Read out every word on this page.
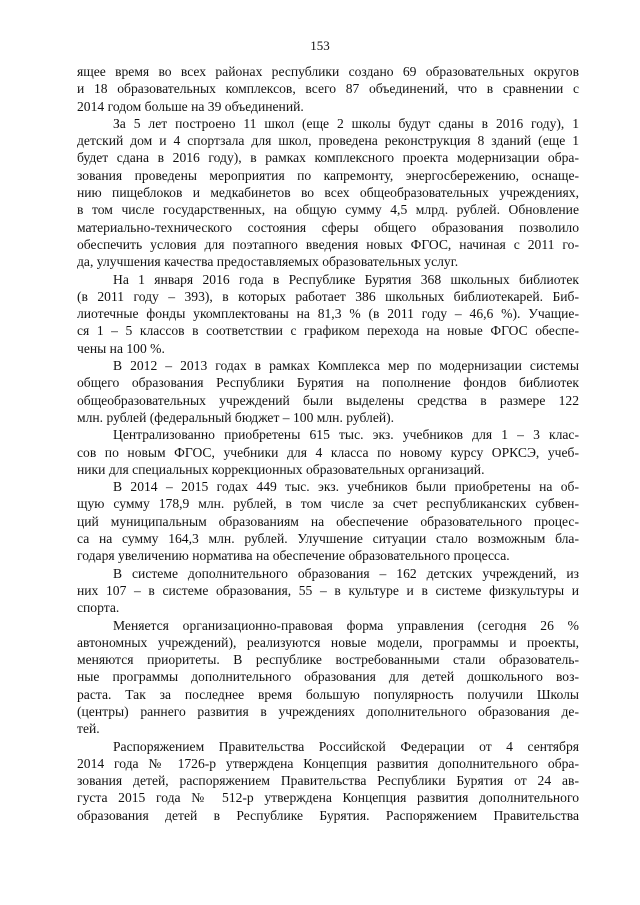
153
ящее время во всех районах республики создано 69 образовательных округов
и 18 образовательных комплексов, всего 87 объединений, что в сравнении с
2014 годом больше на 39 объединений.
За 5 лет построено 11 школ (еще 2 школы будут сданы в 2016 году), 1
детский дом и 4 спортзала для школ, проведена реконструкция 8 зданий (еще 1
будет сдана в 2016 году), в рамках комплексного проекта модернизации обра-
зования проведены мероприятия по капремонту, энергосбережению, оснаще-
нию пищеблоков и медкабинетов во всех общеобразовательных учреждениях,
в том числе государственных, на общую сумму 4,5 млрд. рублей. Обновление
материально-технического состояния сферы общего образования позволило
обеспечить условия для поэтапного введения новых ФГОС, начиная с 2011 го-
да, улучшения качества предоставляемых образовательных услуг.
На 1 января 2016 года в Республике Бурятия 368 школьных библиотек
(в 2011 году – 393), в которых работает 386 школьных библиотекарей. Биб-
лиотечные фонды укомплектованы на 81,3 % (в 2011 году – 46,6 %). Учащие-
ся 1 – 5 классов в соответствии с графиком перехода на новые ФГОС обеспе-
чены на 100 %.
В 2012 – 2013 годах в рамках Комплекса мер по модернизации системы
общего образования Республики Бурятия на пополнение фондов библиотек
общеобразовательных учреждений были выделены средства в размере 122
млн. рублей (федеральный бюджет – 100 млн. рублей).
Централизованно приобретены 615 тыс. экз. учебников для 1 – 3 клас-
сов по новым ФГОС, учебники для 4 класса по новому курсу ОРКСЭ, учеб-
ники для специальных коррекционных образовательных организаций.
В 2014 – 2015 годах 449 тыс. экз. учебников были приобретены на об-
щую сумму 178,9 млн. рублей, в том числе за счет республиканских субвен-
ций муниципальным образованиям на обеспечение образовательного процес-
са на сумму 164,3 млн. рублей. Улучшение ситуации стало возможным бла-
годаря увеличению норматива на обеспечение образовательного процесса.
В системе дополнительного образования – 162 детских учреждений, из
них 107 – в системе образования, 55 – в культуре и в системе физкультуры и
спорта.
Меняется организационно-правовая форма управления (сегодня 26 %
автономных учреждений), реализуются новые модели, программы и проекты,
меняются приоритеты. В республике востребованными стали образователь-
ные программы дополнительного образования для детей дошкольного воз-
раста. Так за последнее время большую популярность получили Школы
(центры) раннего развития в учреждениях дополнительного образования де-
тей.
Распоряжением Правительства Российской Федерации от 4 сентября
2014 года № 1726-р утверждена Концепция развития дополнительного обра-
зования детей, распоряжением Правительства Республики Бурятия от 24 ав-
густа 2015 года № 512-р утверждена Концепция развития дополнительного
образования детей в Республике Бурятия. Распоряжением Правительства
